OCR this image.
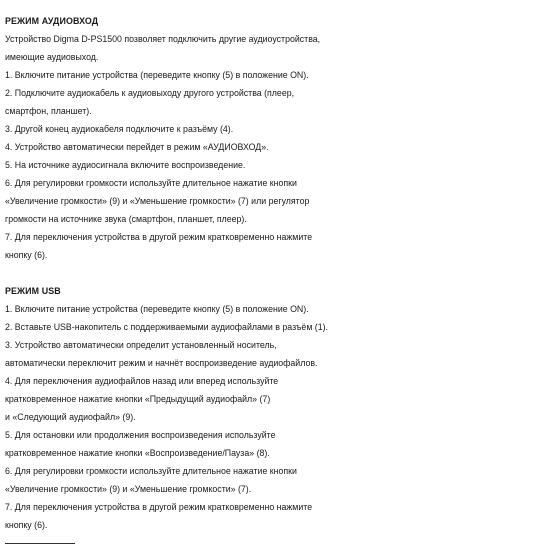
РЕЖИМ АУДИОВХОД
Устройство Digma D-PS1500 позволяет подключить другие аудиоустройства,
имеющие аудиовыход.
1. Включите питание устройства (переведите кнопку (5) в положение ON).
2. Подключите аудиокабель к аудиовыходу другого устройства (плеер,
смартфон, планшет).
3. Другой конец аудиокабеля подключите к разъёму (4).
4. Устройство автоматически перейдет в режим «АУДИОВХОД».
5. На источнике аудиосигнала включите воспроизведение.
6. Для регулировки громкости используйте длительное нажатие кнопки
«Увеличение громкости» (9) и «Уменьшение громкости» (7) или регулятор
громкости на источнике звука (смартфон, планшет, плеер).
7. Для переключения устройства в другой режим кратковременно нажмите
кнопку (6).
РЕЖИМ USB
1. Включите питание устройства (переведите кнопку (5) в положение ON).
2. Вставьте USB-накопитель с поддерживаемыми аудиофайлами в разъём (1).
3. Устройство автоматически определит установленный носитель,
автоматически переключит режим и начнёт воспроизведение аудиофайлов.
4. Для переключения аудиофайлов назад или вперед используйте
кратковременное нажатие кнопки «Предыдущий аудиофайл» (7)
и «Следующий аудиофайл» (9).
5. Для остановки или продолжения воспроизведения используйте
кратковременное нажатие кнопки «Воспроизведение/Пауза» (8).
6. Для регулировки громкости используйте длительное нажатие кнопки
«Увеличение громкости» (9) и «Уменьшение громкости» (7).
7. Для переключения устройства в другой режим кратковременно нажмите
кнопку (6).
